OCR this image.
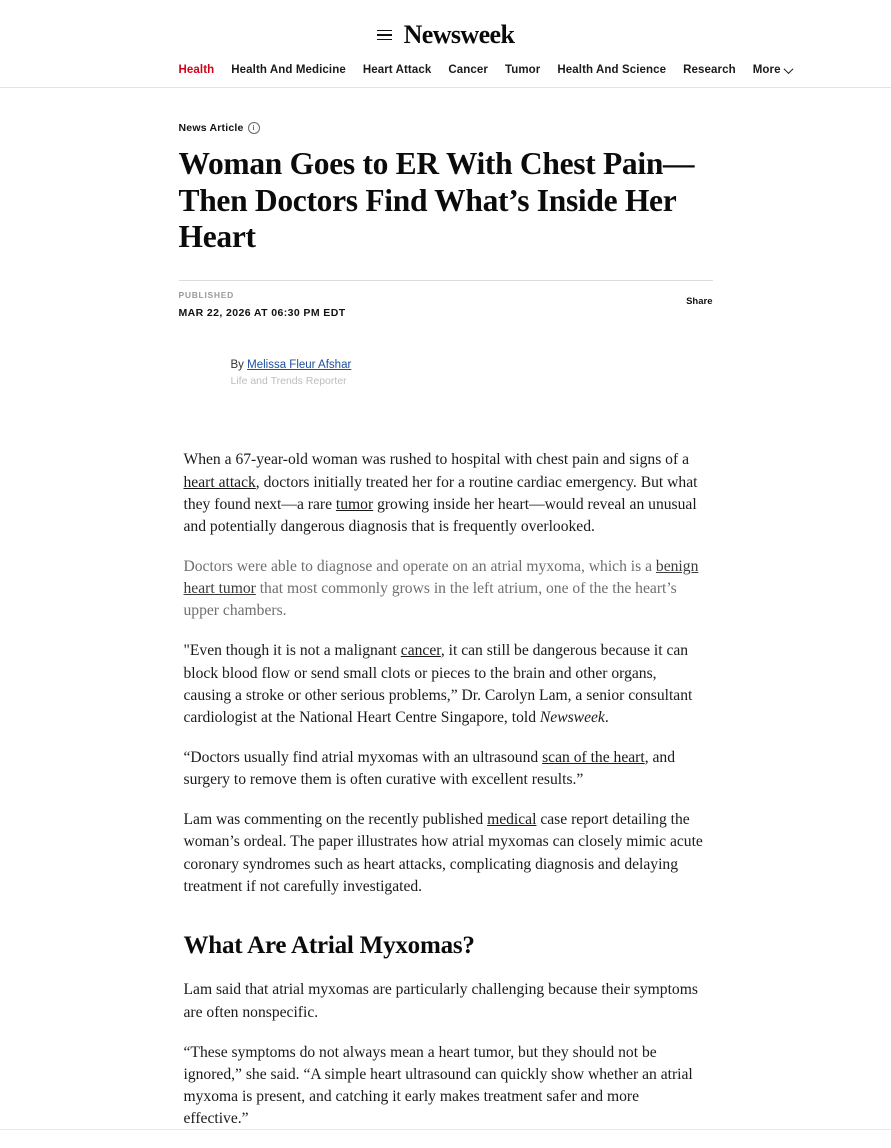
Newsweek
Health Health And Medicine Heart Attack Cancer Tumor Health And Science Research More
News Article	i
Woman Goes to ER With Chest Pain—Then Doctors Find What’s Inside Her Heart
PUBLISHED
MAR 22, 2026 AT 06:30 PM EDT
By Melissa Fleur Afshar
Life and Trends Reporter
Share

When a 67-year-old woman was rushed to hospital with chest pain and signs of a heart attack, doctors initially treated her for a routine cardiac emergency. But what they found next—a rare tumor growing inside her heart—would reveal an unusual and potentially dangerous diagnosis that is frequently overlooked.

Doctors were able to diagnose and operate on an atrial myxoma, which is a benign heart tumor that most commonly grows in the left atrium, one of the the heart’s upper chambers.

"Even though it is not a malignant cancer, it can still be dangerous because it can block blood flow or send small clots or pieces to the brain and other organs, causing a stroke or other serious problems,” Dr. Carolyn Lam, a senior consultant cardiologist at the National Heart Centre Singapore, told Newsweek.

“Doctors usually find atrial myxomas with an ultrasound scan of the heart, and surgery to remove them is often curative with excellent results.”

Lam was commenting on the recently published medical case report detailing the woman’s ordeal. The paper illustrates how atrial myxomas can closely mimic acute coronary syndromes such as heart attacks, complicating diagnosis and delaying treatment if not carefully investigated.

What Are Atrial Myxomas?

Lam said that atrial myxomas are particularly challenging because their symptoms are often nonspecific.

“These symptoms do not always mean a heart tumor, but they should not be ignored,” she said. “A simple heart ultrasound can quickly show whether an atrial myxoma is present, and catching it early makes treatment safer and more effective.”
